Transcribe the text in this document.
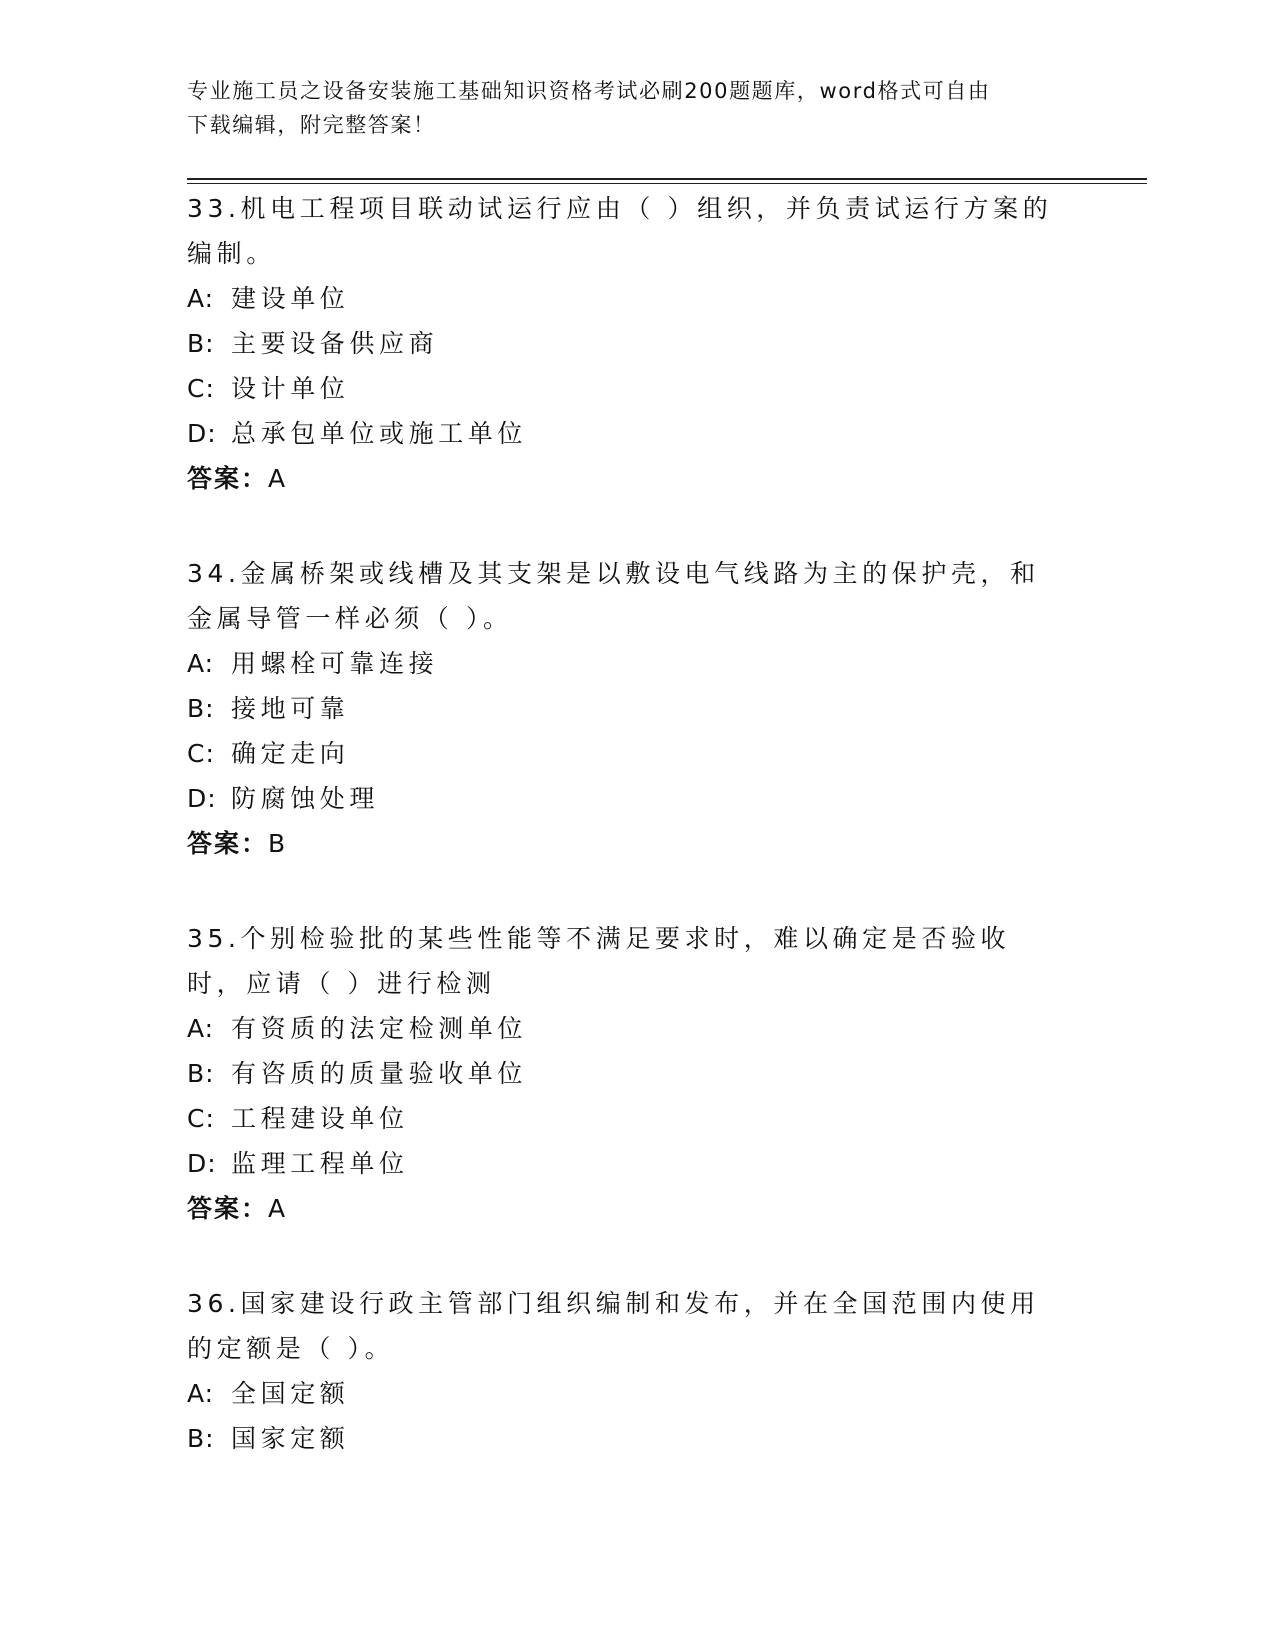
专业施工员之设备安装施工基础知识资格考试必刷200题题库，word格式可自由
下载编辑，附完整答案！
33.机电工程项目联动试运行应由（ ）组织，并负责试运行方案的编制。
A: 建设单位
B: 主要设备供应商
C: 设计单位
D: 总承包单位或施工单位
答案：A
34.金属桥架或线槽及其支架是以敷设电气线路为主的保护壳，和金属导管一样必须（ ）。
A: 用螺栓可靠连接
B: 接地可靠
C: 确定走向
D: 防腐蚀处理
答案：B
35.个别检验批的某些性能等不满足要求时，难以确定是否验收时，应请（ ）进行检测
A: 有资质的法定检测单位
B: 有咨质的质量验收单位
C: 工程建设单位
D: 监理工程单位
答案：A
36.国家建设行政主管部门组织编制和发布，并在全国范围内使用的定额是（ ）。
A: 全国定额
B: 国家定额
